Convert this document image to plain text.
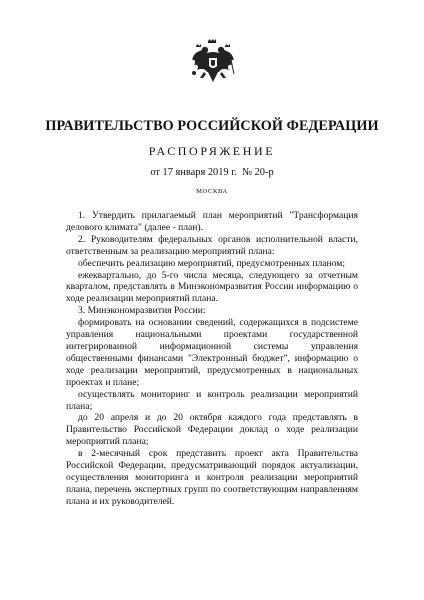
ПРАВИТЕЛЬСТВО РОССИЙСКОЙ ФЕДЕРАЦИИ
РАСПОРЯЖЕНИЕ
от 17 января 2019 г.  № 20-р
МОСКВА

1. Утвердить прилагаемый план мероприятий "Трансформация делового климата" (далее - план).

2. Руководителям федеральных органов исполнительной власти, ответственным за реализацию мероприятий плана:

обеспечить реализацию мероприятий, предусмотренных планом;

ежеквартально, до 5-го числа месяца, следующего за отчетным кварталом, представлять в Минэкономразвития России информацию о ходе реализации мероприятий плана.

3. Минэкономразвития России:

формировать на основании сведений, содержащихся в подсистеме управления национальными проектами государственной интегрированной информационной системы управления общественными финансами "Электронный бюджет", информацию о ходе реализации мероприятий, предусмотренных в национальных проектах и плане;

осуществлять мониторинг и контроль реализации мероприятий плана;

до 20 апреля и до 20 октября каждого года представлять в Правительство Российской Федерации доклад о ходе реализации мероприятий плана;

в 2-месячный срок представить проект акта Правительства Российской Федерации, предусматривающий порядок актуализации, осуществления мониторинга и контроля реализации мероприятий плана, перечень экспертных групп по соответствующим направлениям плана и их руководителей.
